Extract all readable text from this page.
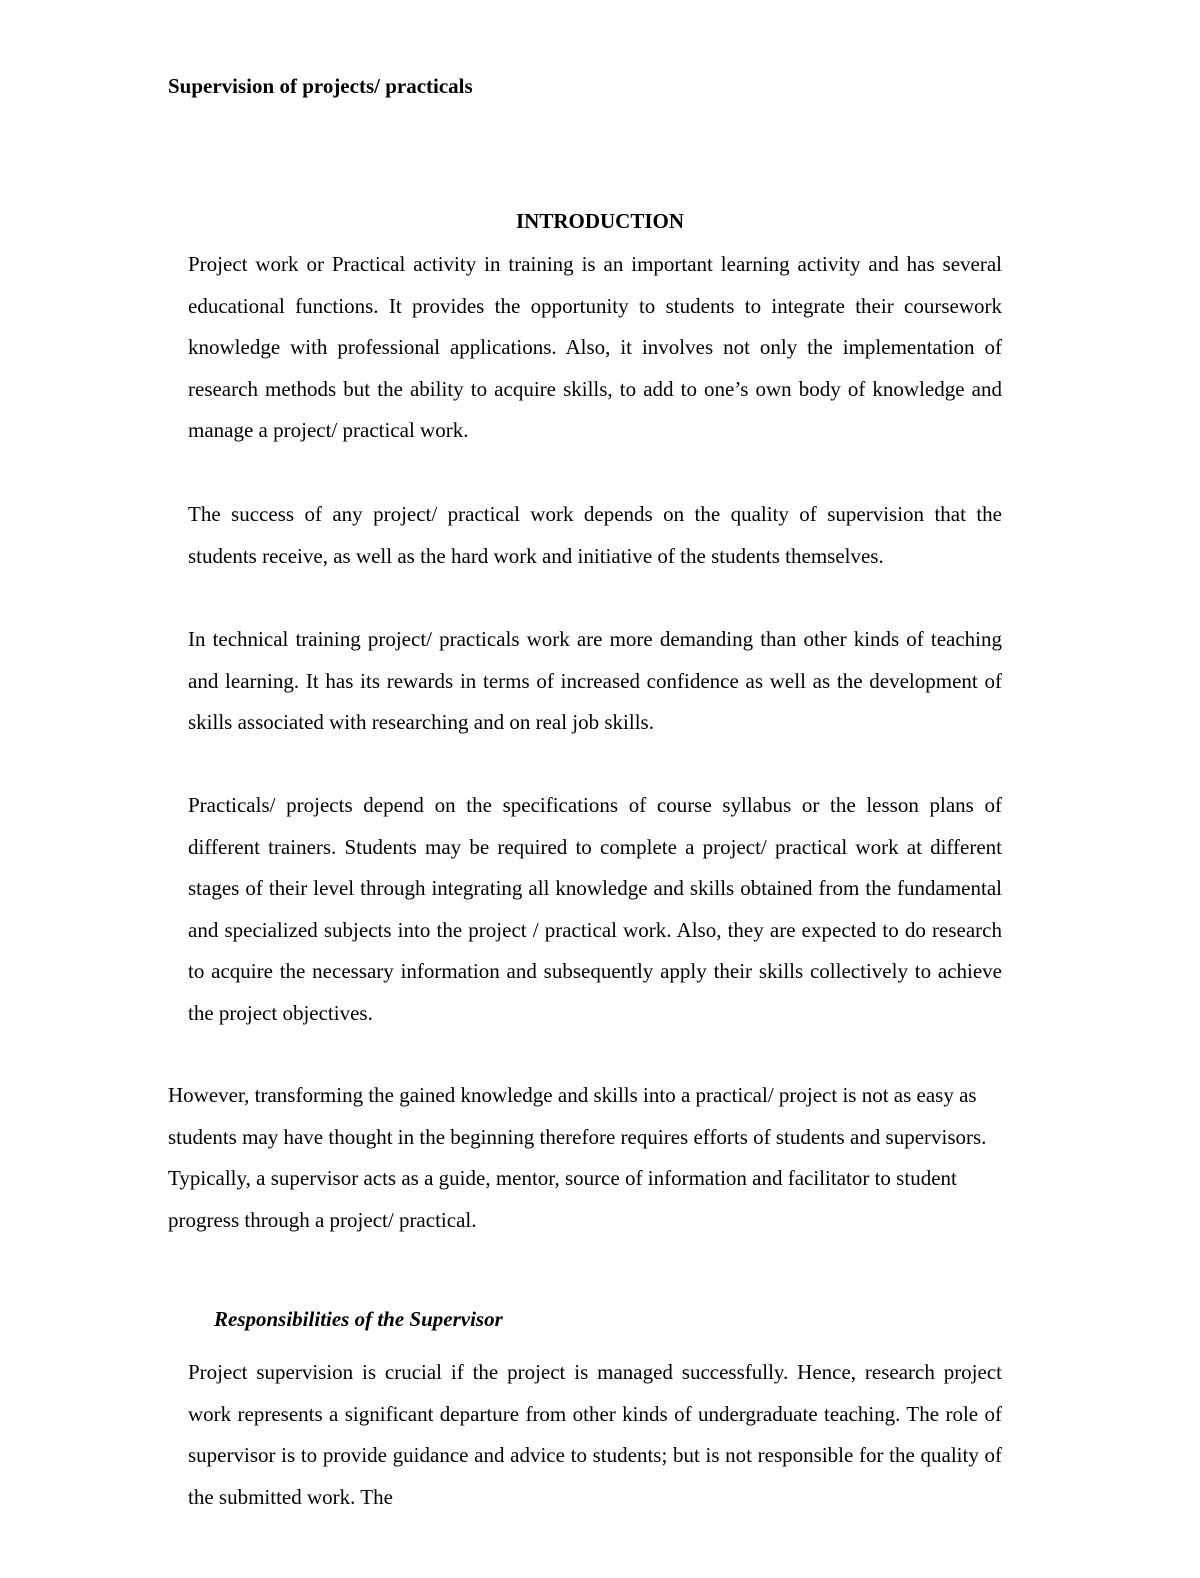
Supervision of projects/ practicals
INTRODUCTION

Project work or Practical activity in training is an important learning activity and has several educational functions. It provides the opportunity to students to integrate their coursework knowledge with professional applications. Also, it involves not only the implementation of research methods but the ability to acquire skills, to add to one’s own body of knowledge and manage a project/ practical work.

The success of any project/ practical work depends on the quality of supervision that the students receive, as well as the hard work and initiative of the students themselves.

In technical training project/ practicals work are more demanding than other kinds of teaching and learning. It has its rewards in terms of increased confidence as well as the development of skills associated with researching and on real job skills.

Practicals/ projects depend on the specifications of course syllabus or the lesson plans of different trainers. Students may be required to complete a project/ practical work at different stages of their level through integrating all knowledge and skills obtained from the fundamental and specialized subjects into the project / practical work. Also, they are expected to do research to acquire the necessary information and subsequently apply their skills collectively to achieve the project objectives.

However, transforming the gained knowledge and skills into a practical/ project is not as easy as students may have thought in the beginning therefore requires efforts of students and supervisors. Typically, a supervisor acts as a guide, mentor, source of information and facilitator to student progress through a project/ practical.

Responsibilities of the Supervisor

Project supervision is crucial if the project is managed successfully. Hence, research project work represents a significant departure from other kinds of undergraduate teaching. The role of supervisor is to provide guidance and advice to students; but is not responsible for the quality of the submitted work. The
